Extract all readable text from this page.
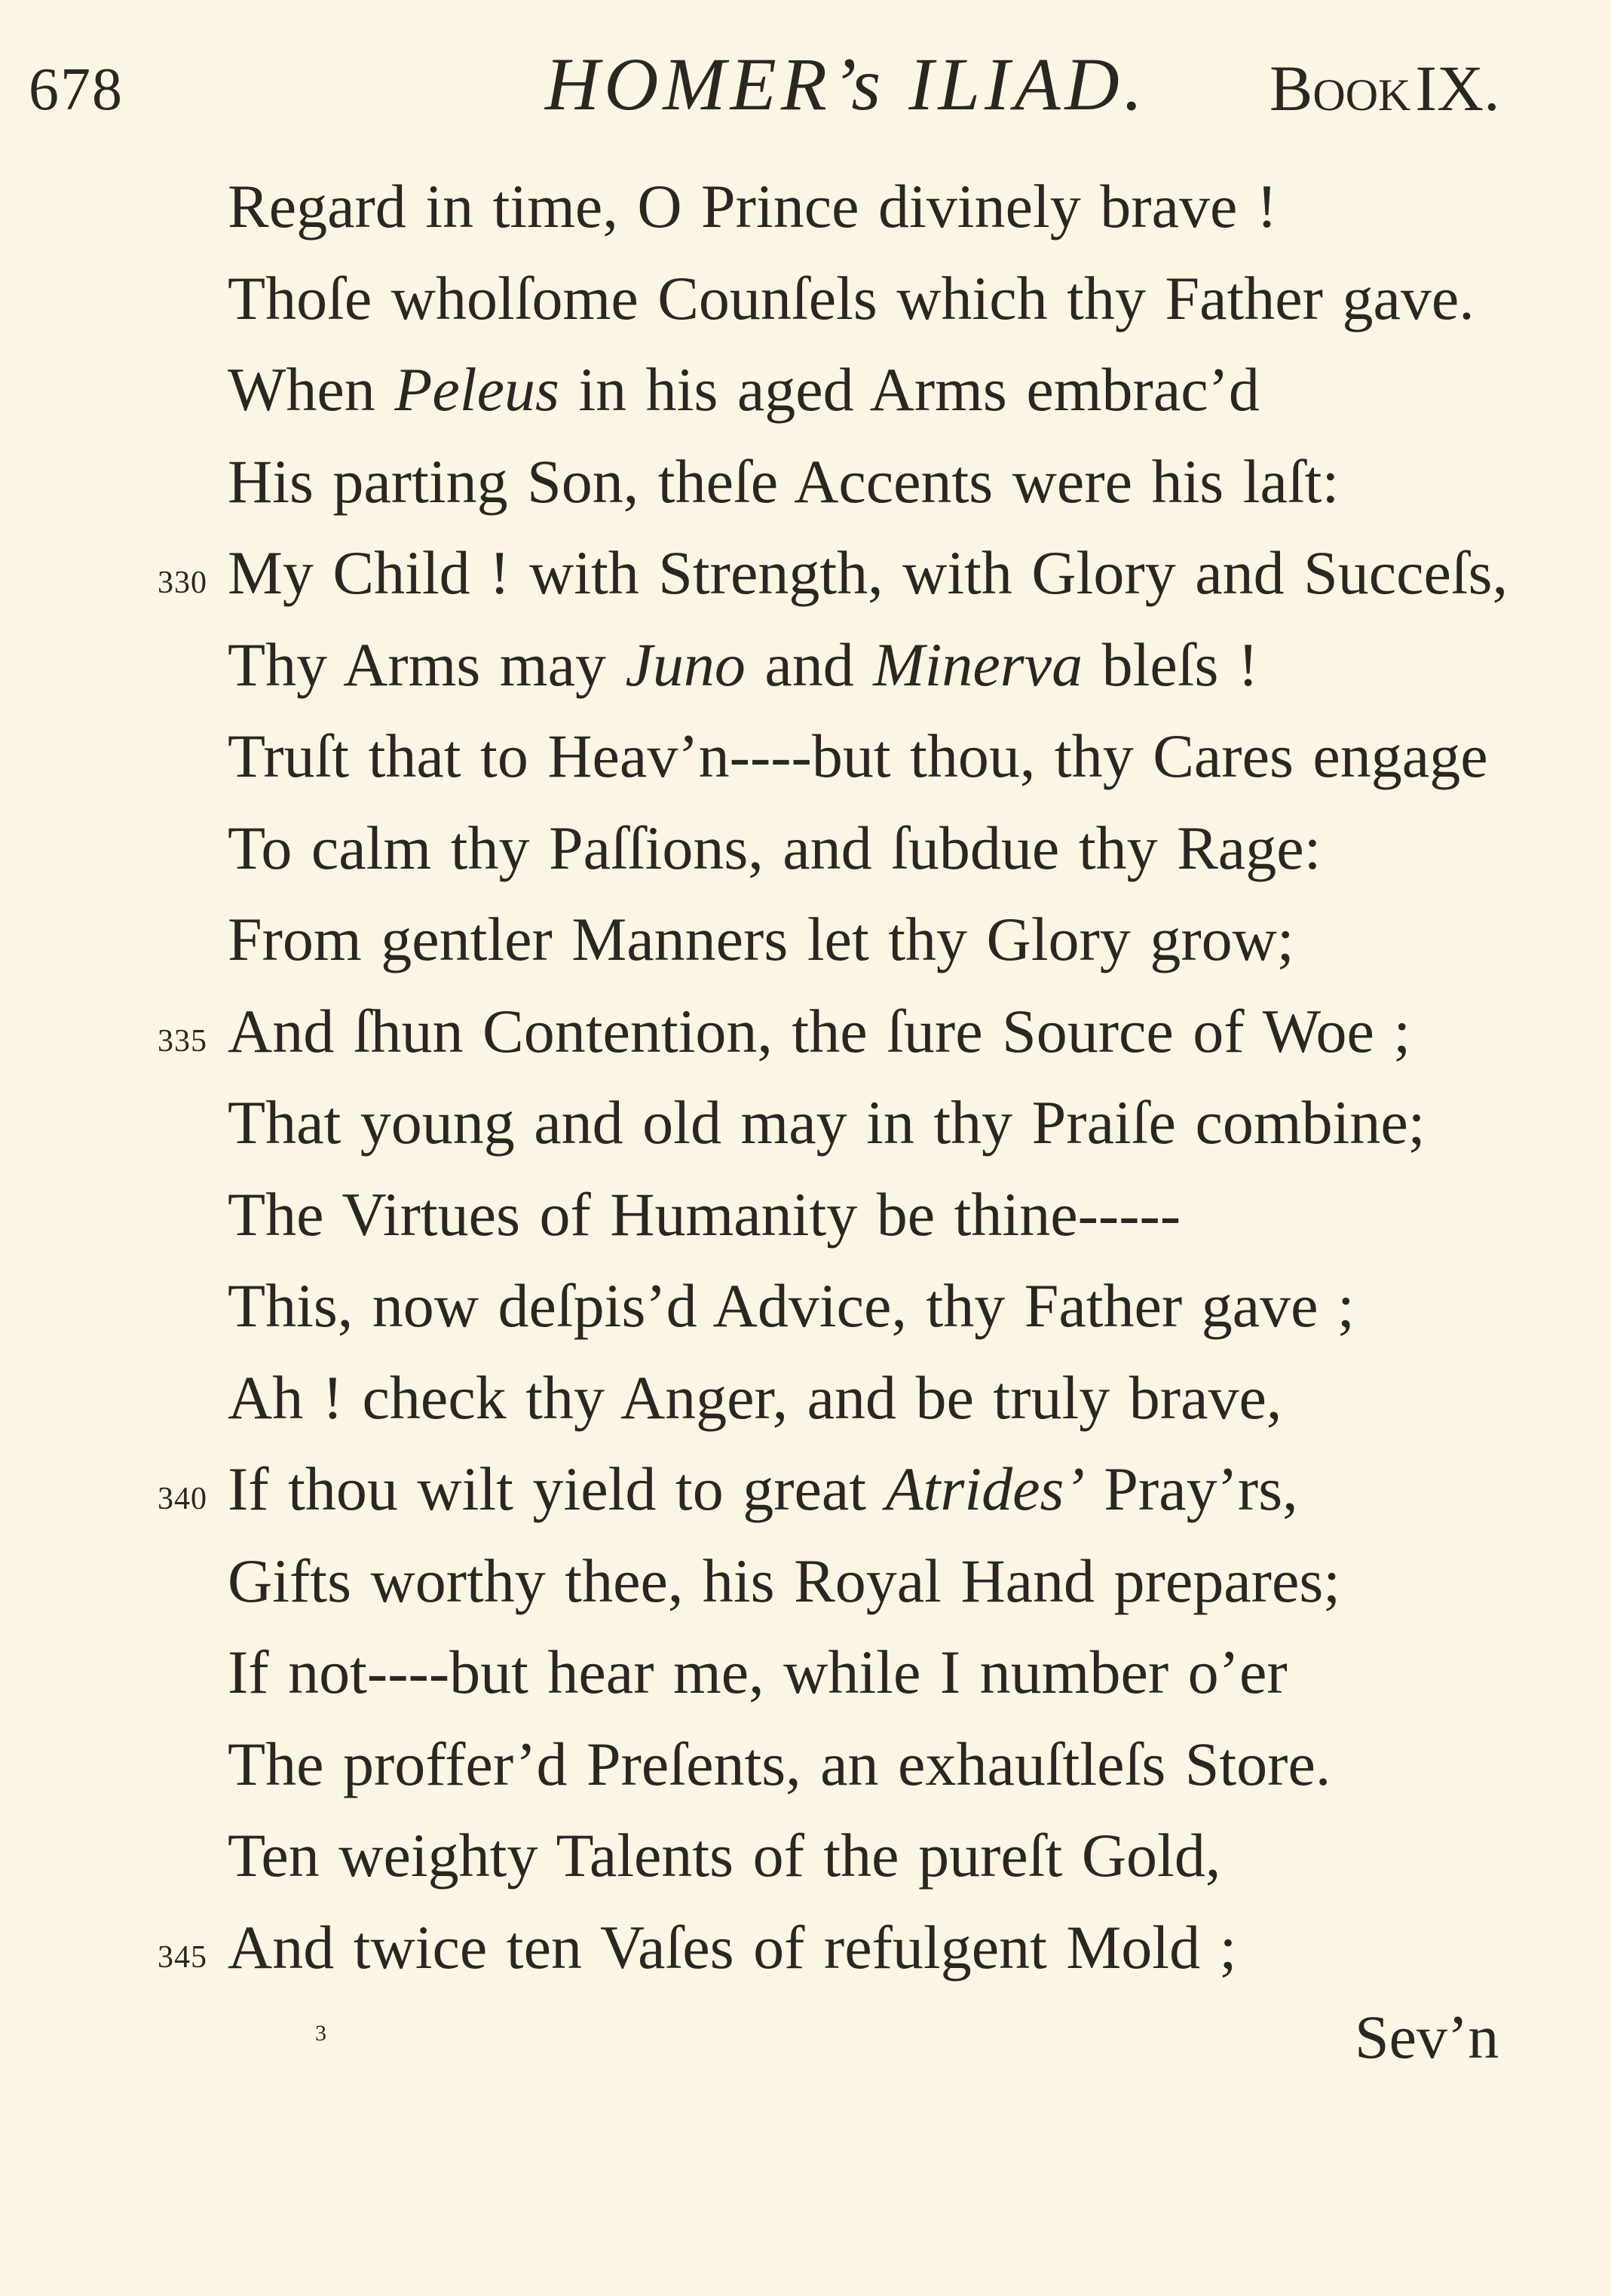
678	HOMER’s ILIAD. BookIX.
Regard in time, O Prince divinely brave !
Thoſe wholſome Counſels which thy Father gave.
When Peleus in his aged Arms embrac’d
His parting Son, theſe Accents were his laſt:
330 My Child ! with Strength, with Glory and Succeſs,
Thy Arms may Juno and Minerva bleſs !
Truſt that to Heav’n----but thou, thy Cares engage
To calm thy Paſſions, and ſubdue thy Rage:
From gentler Manners let thy Glory grow;
335 And ſhun Contention, the ſure Source of Woe ;
That young and old may in thy Praiſe combine;
The Virtues of Humanity be thine-----
This, now deſpis’d Advice, thy Father gave ;
Ah ! check thy Anger, and be truly brave,
340 If thou wilt yield to great Atrides’ Pray’rs,
Gifts worthy thee, his Royal Hand prepares;
If not----but hear me, while I number o’er
The proffer’d Preſents, an exhauſtleſs Store.
Ten weighty Talents of the pureſt Gold,
345 And twice ten Vaſes of refulgent Mold ;
3	Sev’n
